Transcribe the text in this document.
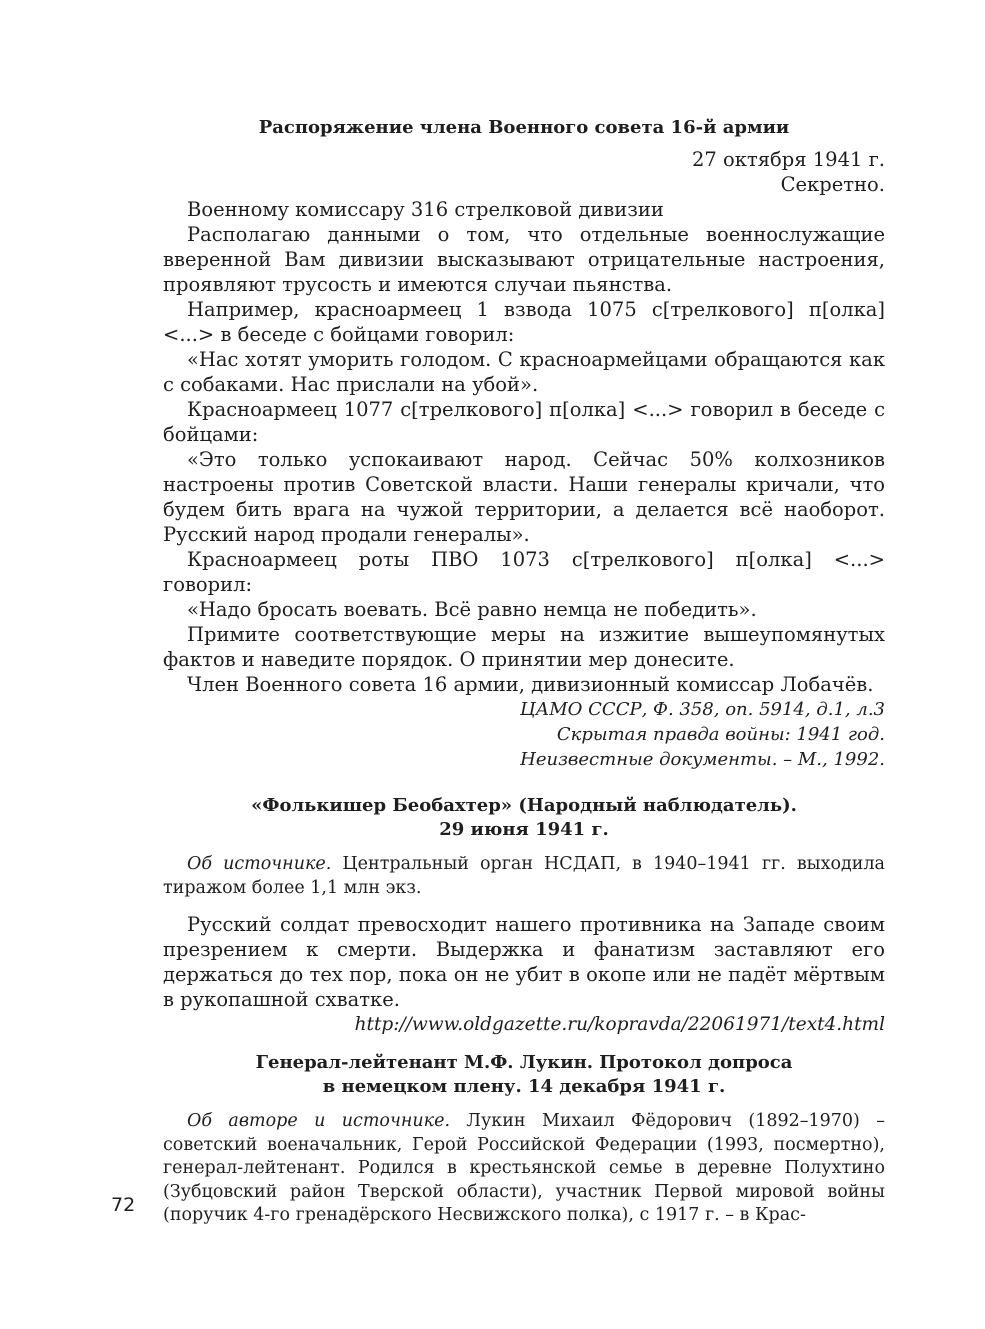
Распоряжение члена Военного совета 16-й армии
27 октября 1941 г.
Секретно.

Военному комиссару 316 стрелковой дивизии

Располагаю данными о том, что отдельные военнослужащие вверенной Вам дивизии высказывают отрицательные настроения, проявляют трусость и имеются случаи пьянства.

Например, красноармеец 1 взвода 1075 с[трелкового] п[олка] <...> в беседе с бойцами говорил:

«Нас хотят уморить голодом. С красноармейцами обращаются как с собаками. Нас прислали на убой».

Красноармеец 1077 с[трелкового] п[олка] <...> говорил в беседе с бойцами:

«Это только успокаивают народ. Сейчас 50% колхозников настроены против Советской власти. Наши генералы кричали, что будем бить врага на чужой территории, а делается всё наоборот. Русский народ продали генералы».

Красноармеец роты ПВО 1073 с[трелкового] п[олка] <...> говорил:

«Надо бросать воевать. Всё равно немца не победить».

Примите соответствующие меры на изжитие вышеупомянутых фактов и наведите порядок. О принятии мер донесите.

Член Военного совета 16 армии, дивизионный комиссар Лобачёв.

ЦАМО СССР, Ф. 358, оп. 5914, д.1, л.3
Скрытая правда войны: 1941 год.
Неизвестные документы. – М., 1992.
«Фолькишер Беобахтер» (Народный наблюдатель).
29 июня 1941 г.

Об источнике. Центральный орган НСДАП, в 1940–1941 гг. выходила тиражом более 1,1 млн экз.

Русский солдат превосходит нашего противника на Западе своим презрением к смерти. Выдержка и фанатизм заставляют его держаться до тех пор, пока он не убит в окопе или не падёт мёртвым в рукопашной схватке.

http://www.oldgazette.ru/kopravda/22061971/text4.html
Генерал-лейтенант М.Ф. Лукин. Протокол допроса
в немецком плену. 14 декабря 1941 г.

Об авторе и источнике. Лукин Михаил Фёдорович (1892–1970) – советский военачальник, Герой Российской Федерации (1993, посмертно), генерал-лейтенант. Родился в крестьянской семье в деревне Полухтино (Зубцовский район Тверской области), участник Первой мировой войны (поручик 4-го гренадёрского Несвижского полка), с 1917 г. – в Крас-

72
